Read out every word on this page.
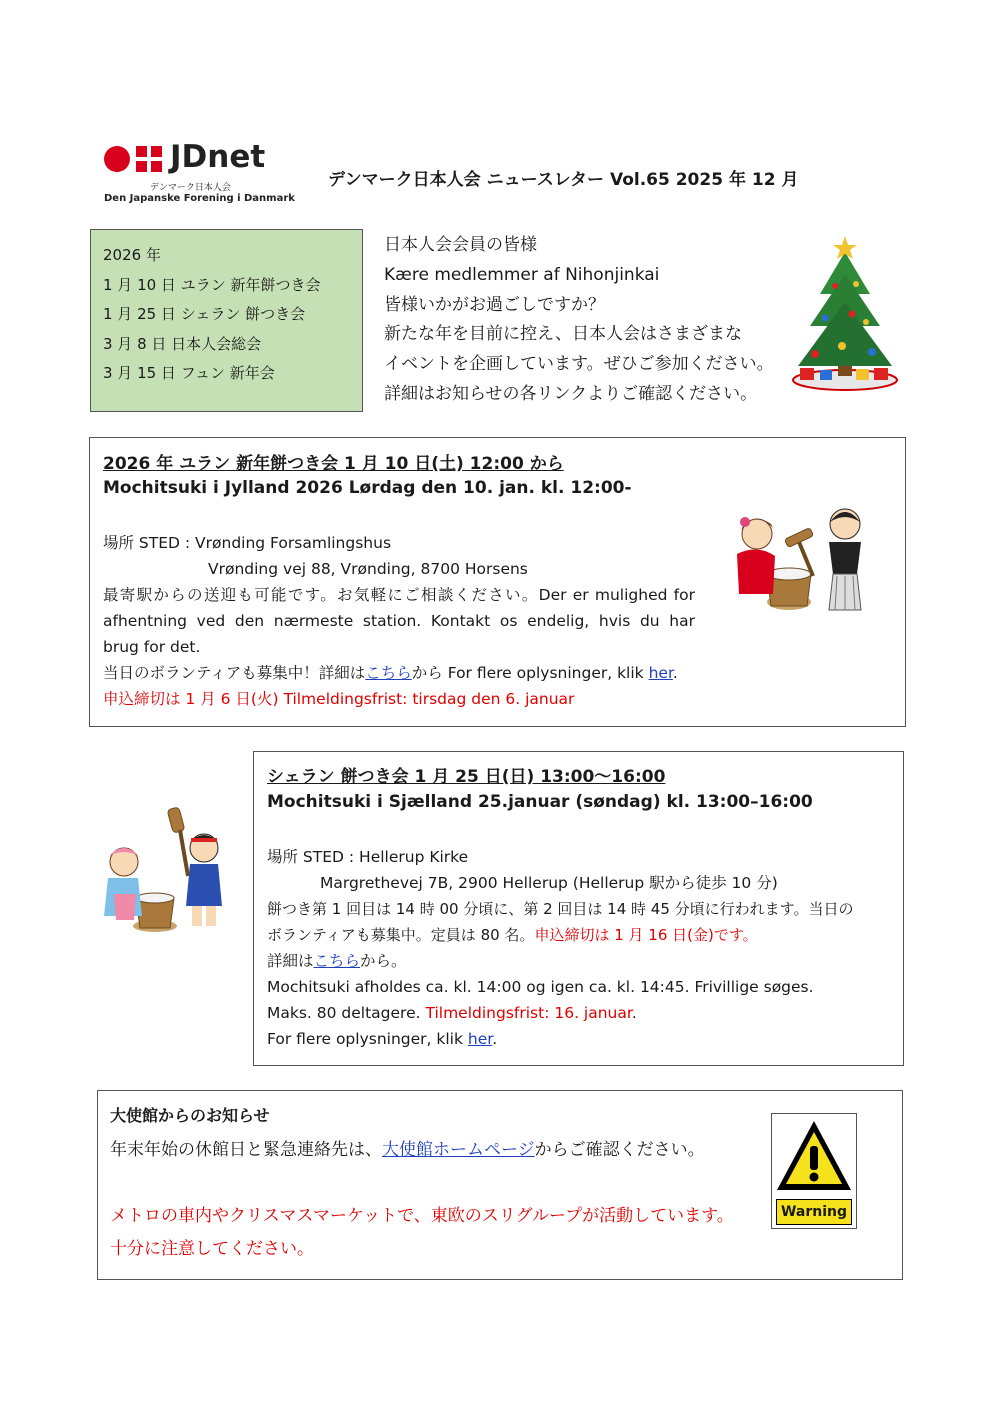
JDnet
デンマーク日本人会
Den Japanske Forening i Danmark
デンマーク日本人会 ニュースレター Vol.65 2025 年 12 月
2026 年
1 月 10 日 ユラン 新年餅つき会
1 月 25 日 シェラン 餅つき会
3 月 8 日 日本人会総会
3 月 15 日 フュン 新年会
日本人会会員の皆様
Kære medlemmer af Nihonjinkai
皆様いかがお過ごしですか？
新たな年を目前に控え、日本人会はさまざまな
イベントを企画しています。ぜひご参加ください。
詳細はお知らせの各リンクよりご確認ください。
2026 年 ユラン 新年餅つき会 1 月 10 日(土) 12:00 から
Mochitsuki i Jylland 2026 Lørdag den 10. jan. kl. 12:00-
場所 STED : Vrønding Forsamlingshus
Vrønding vej 88, Vrønding, 8700 Horsens
最寄駅からの送迎も可能です。お気軽にご相談ください。Der er mulighed for
afhentning ved den nærmeste station. Kontakt os endelig, hvis du har
brug for det.
当日のボランティアも募集中！詳細はこちらから For flere oplysninger, klik her.
申込締切は 1 月 6 日(火) Tilmeldingsfrist: tirsdag den 6. januar
シェラン 餅つき会 1 月 25 日(日) 13:00～16:00
Mochitsuki i Sjælland 25.januar (søndag) kl. 13:00–16:00
場所 STED : Hellerup Kirke
Margrethevej 7B, 2900 Hellerup (Hellerup 駅から徒歩 10 分)
餅つき第 1 回目は 14 時 00 分頃に、第 2 回目は 14 時 45 分頃に行われます。当日の
ボランティアも募集中。定員は 80 名。申込締切は 1 月 16 日(金)です。
詳細はこちらから。
Mochitsuki afholdes ca. kl. 14:00 og igen ca. kl. 14:45. Frivillige søges.
Maks. 80 deltagere. Tilmeldingsfrist: 16. januar.
For flere oplysninger, klik her.
大使館からのお知らせ
年末年始の休館日と緊急連絡先は、大使館ホームページからご確認ください。
メトロの車内やクリスマスマーケットで、東欧のスリグループが活動しています。
十分に注意してください。
Warning
